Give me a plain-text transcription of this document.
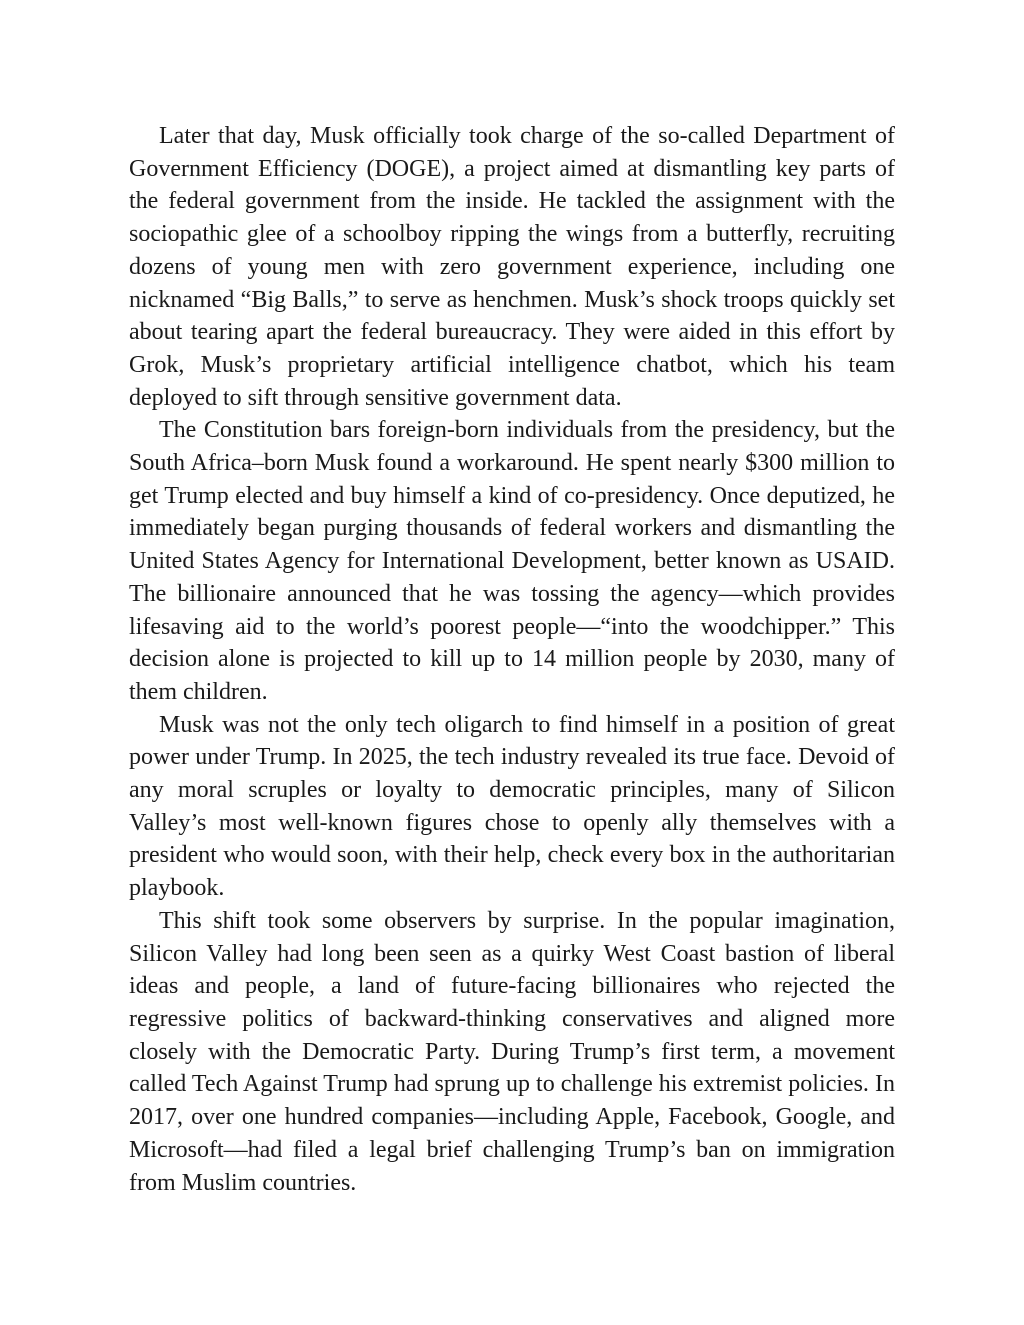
Later that day, Musk officially took charge of the so-called Department of Government Efficiency (DOGE), a project aimed at dismantling key parts of the federal government from the inside. He tackled the assignment with the sociopathic glee of a schoolboy ripping the wings from a butterfly, recruiting dozens of young men with zero government experience, including one nicknamed “Big Balls,” to serve as henchmen. Musk’s shock troops quickly set about tearing apart the federal bureaucracy. They were aided in this effort by Grok, Musk’s proprietary artificial intelligence chatbot, which his team deployed to sift through sensitive government data.

The Constitution bars foreign-born individuals from the presidency, but the South Africa–born Musk found a workaround. He spent nearly $300 million to get Trump elected and buy himself a kind of co-presidency. Once deputized, he immediately began purging thousands of federal workers and dismantling the United States Agency for International Development, better known as USAID. The billionaire announced that he was tossing the agency—which provides lifesaving aid to the world’s poorest people—“into the woodchipper.” This decision alone is projected to kill up to 14 million people by 2030, many of them children.

Musk was not the only tech oligarch to find himself in a position of great power under Trump. In 2025, the tech industry revealed its true face. Devoid of any moral scruples or loyalty to democratic principles, many of Silicon Valley’s most well-known figures chose to openly ally themselves with a president who would soon, with their help, check every box in the authoritarian playbook.

This shift took some observers by surprise. In the popular imagination, Silicon Valley had long been seen as a quirky West Coast bastion of liberal ideas and people, a land of future-facing billionaires who rejected the regressive politics of backward-thinking conservatives and aligned more closely with the Democratic Party. During Trump’s first term, a movement called Tech Against Trump had sprung up to challenge his extremist policies. In 2017, over one hundred companies—including Apple, Facebook, Google, and Microsoft—had filed a legal brief challenging Trump’s ban on immigration from Muslim countries.
